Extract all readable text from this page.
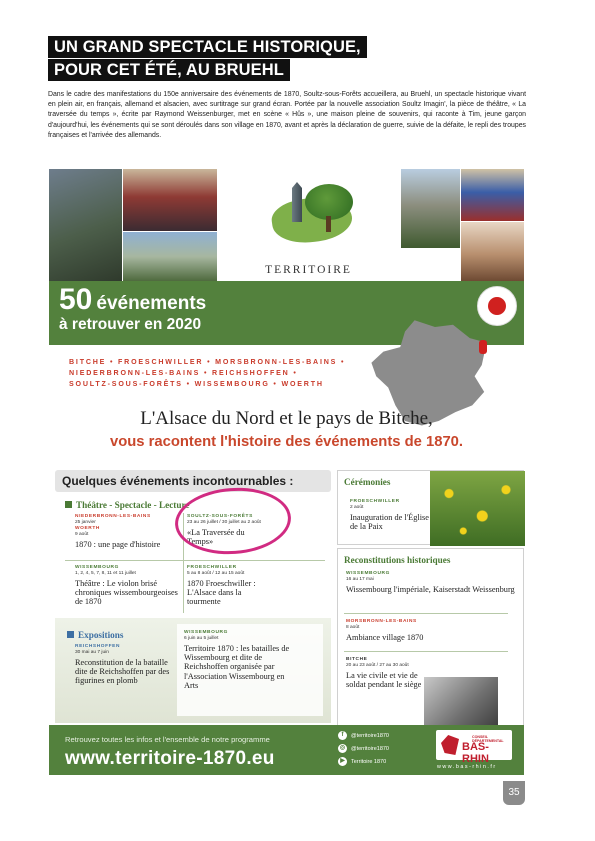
UN GRAND SPECTACLE HISTORIQUE,
POUR CET ÉTÉ, AU BRUEHL

Dans le cadre des manifestations du 150e anniversaire des événements de 1870, Soultz-sous-Forêts accueillera, au Bruehl, un spectacle historique vivant en plein air, en français, allemand et alsacien, avec surtitrage sur grand écran. Portée par la nouvelle association Soultz Imagin', la pièce de théâtre, « La traversée du temps », écrite par Raymond Weissenburger, met en scène « Hûs », une maison pleine de souvenirs, qui raconte à Tim, jeune garçon d'aujourd'hui, les événements qui se sont déroulés dans son village en 1870, avant et après la déclaration de guerre, suivie de la défaite, le repli des troupes françaises et l'arrivée des allemands.

TERRITOIRE
50 événements
à retrouver en 2020
BITCHE • FROESCHWILLER • MORSBRONN-LES-BAINS •
NIEDERBRONN-LES-BAINS • REICHSHOFFEN •
SOULTZ-SOUS-FORÊTS • WISSEMBOURG • WOERTH
L'Alsace du Nord et le pays de Bitche,
vous racontent l'histoire des événements de 1870.
Quelques événements incontournables :
Théâtre - Spectacle - Lecture
NIEDERBRONN-LES-BAINS
25 janvier
WOERTH
9 août
1870 : une page d'histoire
SOULTZ-SOUS-FORÊTS
23 au 26 juillet / 30 juillet au 2 août
«La Traversée du Temps»
WISSEMBOURG
1, 2, 4, 5, 7, 8, 11 et 11 juillet
Théâtre : Le violon brisé chroniques wissembourgeoises de 1870
FROESCHWILLER
5 au 8 août / 12 au 15 août
1870 Froeschwiller : L'Alsace dans la tourmente
Expositions
REICHSHOFFEN
30 mai au 7 juin
Reconstitution de la bataille dite de Reichshoffen par des figurines en plomb
WISSEMBOURG
6 juin au 5 juillet
Territoire 1870 : les batailles de Wissembourg et dite de Reichshoffen organisée par l'Association Wissembourg en Arts
Cérémonies
FROESCHWILLER
2 août
Inauguration de l'Église de la Paix
Reconstitutions historiques
WISSEMBOURG
16 au 17 mai
Wissembourg l'impériale, Kaiserstadt Weissenburg
MORSBRONN-LES-BAINS
8 août
Ambiance village 1870
BITCHE
20 au 23 août / 27 au 30 août
La vie civile et vie de soldat pendant le siège
Retrouvez toutes les infos et l'ensemble de notre programme
www.territoire-1870.eu
f	@territoire1870
◎	@territoire1870
▶	Territoire 1870
CONSEIL DÉPARTEMENTAL
BAS-RHIN
www.bas-rhin.fr
35
